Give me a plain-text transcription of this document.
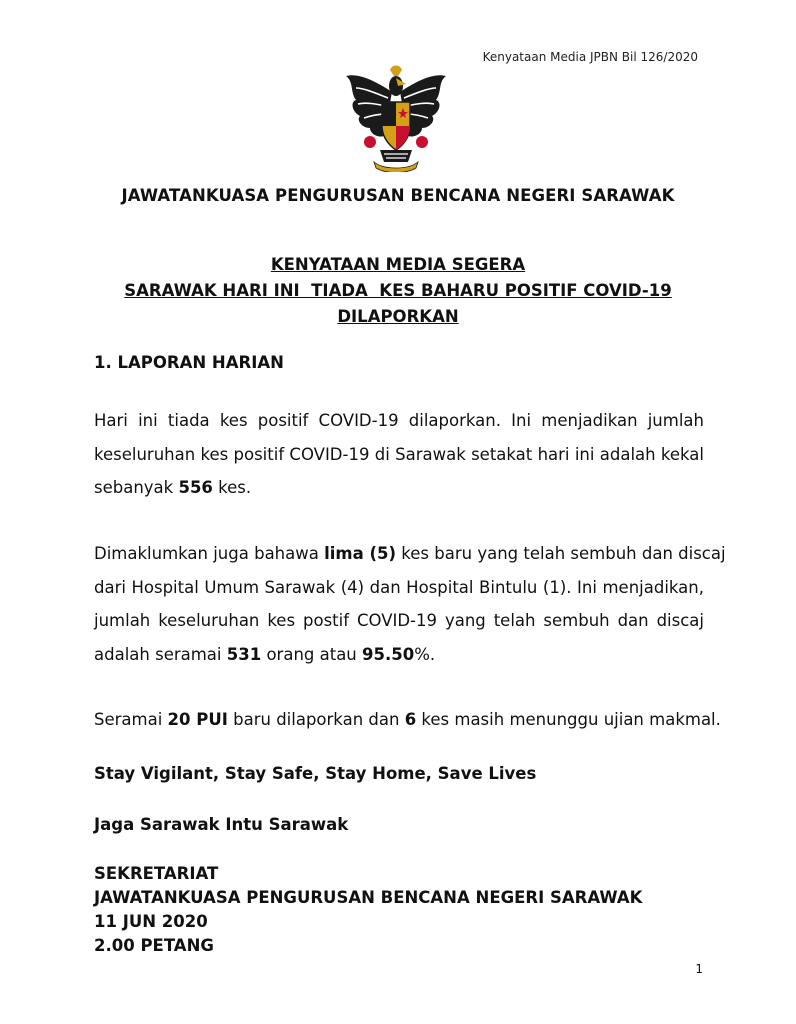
Kenyataan Media JPBN Bil 126/2020
JAWATANKUASA PENGURUSAN BENCANA NEGERI SARAWAK
KENYATAAN MEDIA SEGERA
SARAWAK HARI INI  TIADA  KES BAHARU POSITIF COVID-19
DILAPORKAN
1. LAPORAN HARIAN
Hari ini tiada kes positif COVID-19 dilaporkan. Ini menjadikan jumlah
keseluruhan kes positif COVID-19 di Sarawak setakat hari ini adalah kekal
sebanyak 556 kes.
Dimaklumkan juga bahawa lima (5) kes baru yang telah sembuh dan discaj
dari Hospital Umum Sarawak (4) dan Hospital Bintulu (1). Ini menjadikan,
jumlah keseluruhan kes postif COVID-19 yang telah sembuh dan discaj
adalah seramai 531 orang atau 95.50%.
Seramai 20 PUI baru dilaporkan dan 6 kes masih menunggu ujian makmal.
Stay Vigilant, Stay Safe, Stay Home, Save Lives
Jaga Sarawak Intu Sarawak
SEKRETARIAT
JAWATANKUASA PENGURUSAN BENCANA NEGERI SARAWAK
11 JUN 2020
2.00 PETANG
1
